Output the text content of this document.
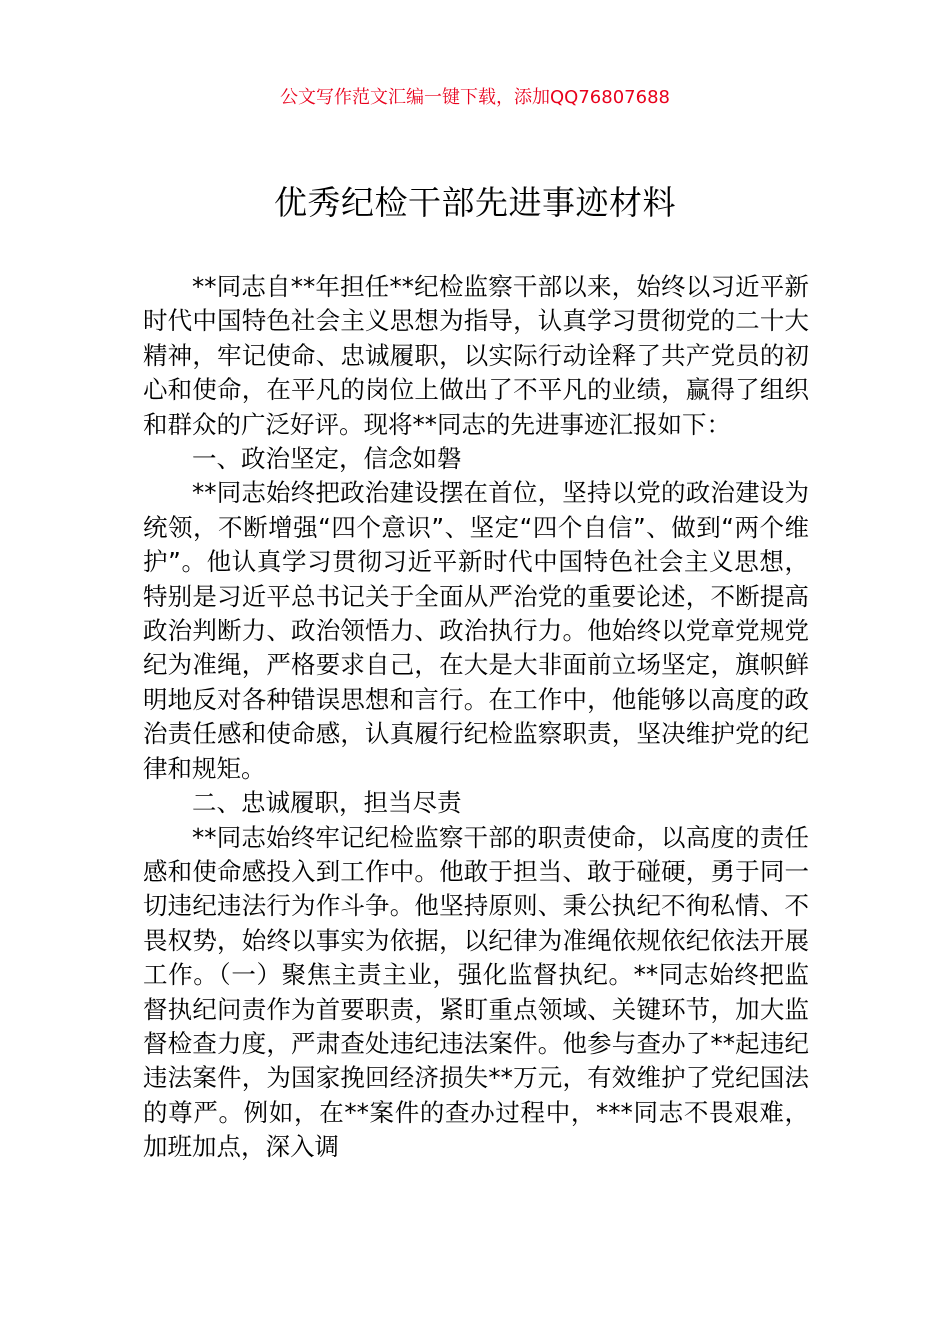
公文写作范文汇编一键下载，添加QQ76807688
优秀纪检干部先进事迹材料

**同志自**年担任**纪检监察干部以来，始终以习近平新时代中国特色社会主义思想为指导，认真学习贯彻党的二十大精神，牢记使命、忠诚履职，以实际行动诠释了共产党员的初心和使命，在平凡的岗位上做出了不平凡的业绩，赢得了组织和群众的广泛好评。现将**同志的先进事迹汇报如下：

一、政治坚定，信念如磐

**同志始终把政治建设摆在首位，坚持以党的政治建设为统领，不断增强“四个意识”、坚定“四个自信”、做到“两个维护”。他认真学习贯彻习近平新时代中国特色社会主义思想，特别是习近平总书记关于全面从严治党的重要论述，不断提高政治判断力、政治领悟力、政治执行力。他始终以党章党规党纪为准绳，严格要求自己，在大是大非面前立场坚定，旗帜鲜明地反对各种错误思想和言行。在工作中，他能够以高度的政治责任感和使命感，认真履行纪检监察职责，坚决维护党的纪律和规矩。

二、忠诚履职，担当尽责

**同志始终牢记纪检监察干部的职责使命，以高度的责任感和使命感投入到工作中。他敢于担当、敢于碰硬，勇于同一切违纪违法行为作斗争。他坚持原则、秉公执纪不徇私情、不畏权势，始终以事实为依据，以纪律为准绳依规依纪依法开展工作。（一）聚焦主责主业，强化监督执纪。**同志始终把监督执纪问责作为首要职责，紧盯重点领域、关键环节，加大监督检查力度，严肃查处违纪违法案件。他参与查办了**起违纪违法案件，为国家挽回经济损失**万元，有效维护了党纪国法的尊严。例如，在**案件的查办过程中，***同志不畏艰难，加班加点，深入调
